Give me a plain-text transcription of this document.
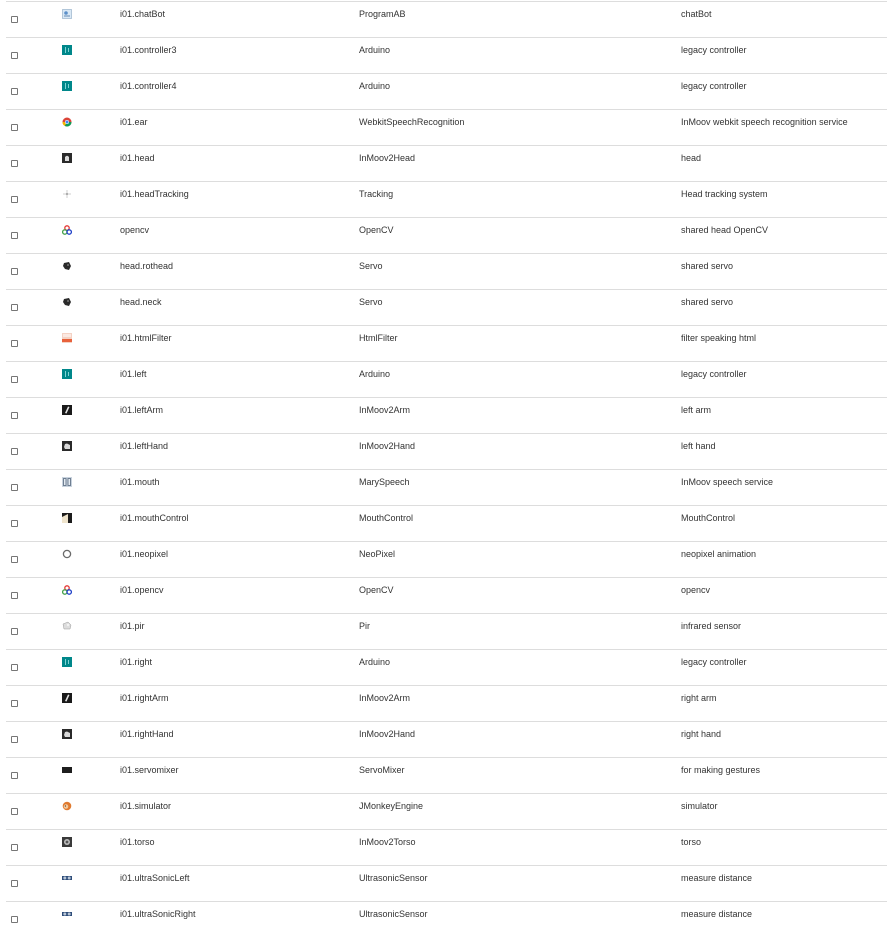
i01.chatBot	ProgramAB	chatBot
i01.controller3	Arduino	legacy controller
i01.controller4	Arduino	legacy controller
i01.ear	WebkitSpeechRecognition	InMoov webkit speech recognition service
i01.head	InMoov2Head	head
i01.headTracking	Tracking	Head tracking system
opencv	OpenCV	shared head OpenCV
head.rothead	Servo	shared servo
head.neck	Servo	shared servo
i01.htmlFilter	HtmlFilter	filter speaking html
i01.left	Arduino	legacy controller
i01.leftArm	InMoov2Arm	left arm
i01.leftHand	InMoov2Hand	left hand
i01.mouth	MarySpeech	InMoov speech service
i01.mouthControl	MouthControl	MouthControl
i01.neopixel	NeoPixel	neopixel animation
i01.opencv	OpenCV	opencv
i01.pir	Pir	infrared sensor
i01.right	Arduino	legacy controller
i01.rightArm	InMoov2Arm	right arm
i01.rightHand	InMoov2Hand	right hand
i01.servomixer	ServoMixer	for making gestures
i01.simulator	JMonkeyEngine	simulator
i01.torso	InMoov2Torso	torso
i01.ultraSonicLeft	UltrasonicSensor	measure distance
i01.ultraSonicRight	UltrasonicSensor	measure distance
